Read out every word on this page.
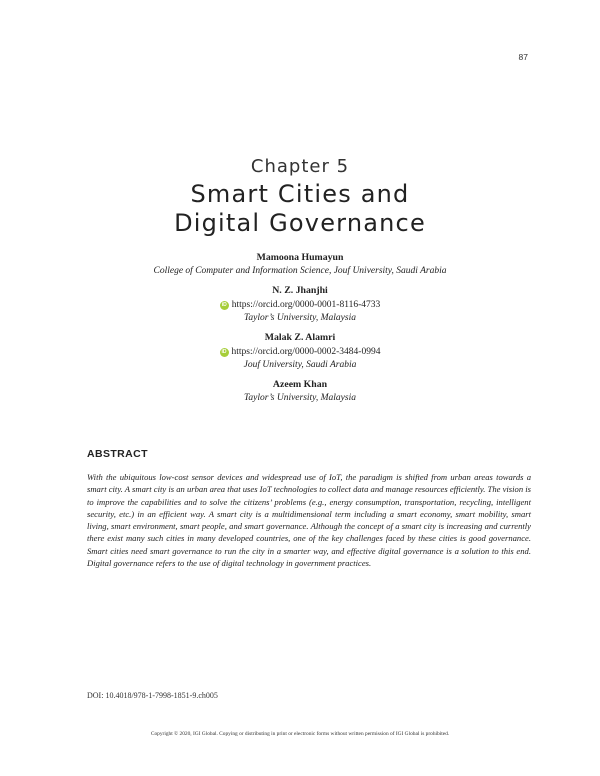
87
Chapter 5
Smart Cities and
Digital Governance
Mamoona Humayun
College of Computer and Information Science, Jouf University, Saudi Arabia
N. Z. Jhanjhi
iD https://orcid.org/0000-0001-8116-4733
Taylor’s University, Malaysia
Malak Z. Alamri
iD https://orcid.org/0000-0002-3484-0994
Jouf University, Saudi Arabia
Azeem Khan
Taylor’s University, Malaysia
ABSTRACT

With the ubiquitous low-cost sensor devices and widespread use of IoT, the paradigm is shifted from urban areas towards a smart city. A smart city is an urban area that uses IoT technologies to collect data and manage resources efficiently. The vision is to improve the capabilities and to solve the citizens’ problems (e.g., energy consumption, transportation, recycling, intelligent security, etc.) in an efficient way. A smart city is a multidimensional term including a smart economy, smart mobility, smart living, smart environment, smart people, and smart governance. Although the concept of a smart city is increasing and currently there exist many such cities in many developed countries, one of the key challenges faced by these cities is good governance. Smart cities need smart governance to run the city in a smarter way, and effective digital governance is a solution to this end. Digital governance refers to the use of digital technology in government practices.

DOI: 10.4018/978-1-7998-1851-9.ch005
Copyright © 2020, IGI Global. Copying or distributing in print or electronic forms without written permission of IGI Global is prohibited.
